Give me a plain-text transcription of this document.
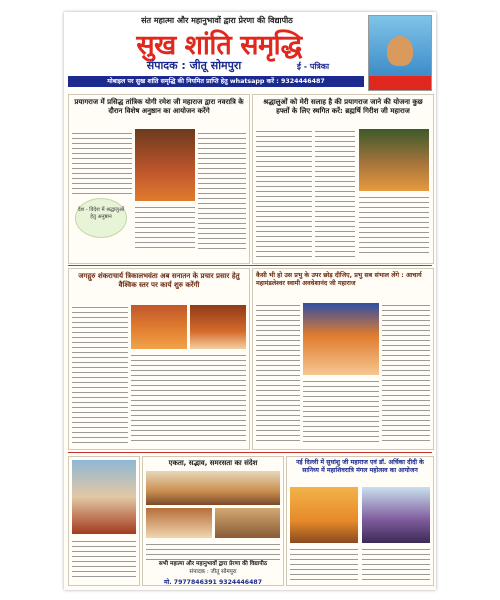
संत महात्मा और महानुभावों द्वारा प्रेरणा की विद्यापीठ
सुख शांति समृद्धि
संपादक : जीतू सोमपुरा	ई - पत्रिका
मोबाइल पर सुख शांति समृद्धि की नियमित प्राप्ति हेतु whatsapp करें : 9324446487
प्रयागराज में प्रसिद्ध तांत्रिक योगी रमेश जी महाराज द्वारा नवरात्रि के दौरान विशेष अनुष्ठान का आयोजन करेंगे
देश - विदेश में श्रद्धालुओं हेतु अनुष्ठान
श्रद्धालुओं को मेरी सलाह है की प्रयागराज जाने की योजना कुछ हफ्तों के लिए स्थगित करें: ब्रह्मर्षि गिरीश जी महाराज
जगद्गुरु शंकराचार्य त्रिकालभवंता अब सनातन के प्रचार प्रसार हेतु वैश्विक स्तर पर कार्य शुरु करेंगी
कैसी भी हो उस प्रभु के उपर छोड़ दीजिए, प्रभु सब संभाल लेंगे : आचार्य महामंडलेश्वर स्वामी अवधेशानंद जी महाराज
एकता, सद्भाव, समरसता का संदेश
सभी महात्मा और महानुभावों द्वारा प्रेरणा की विद्यापीठ
संपादक : जीतू सोमपुरा
मो. 7977846391 9324446487
नई दिल्ली में सुधांशु जी महाराज एवं डॉ. अर्चिका दीदी के सानिध्य में महाशिवरात्रि मंगल महोत्सव का आयोजन
